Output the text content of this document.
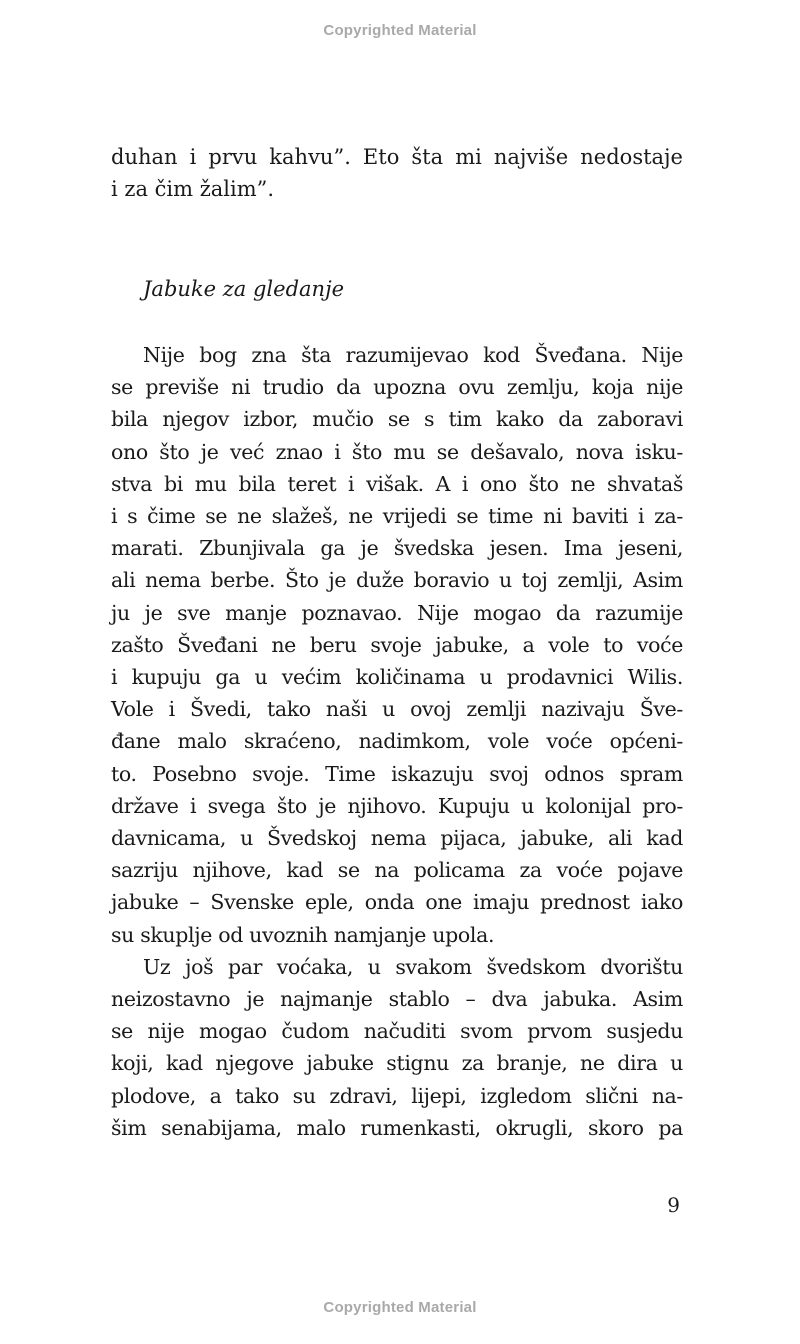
Copyrighted Material
duhan i prvu kahvu”. Eto šta mi najviše nedostaje
i za čim žalim”.
Jabuke za gledanje
Nije bog zna šta razumijevao kod Šveđana. Nije
se previše ni trudio da upozna ovu zemlju, koja nije
bila njegov izbor, mučio se s tim kako da zaboravi
ono što je već znao i što mu se dešavalo, nova isku-
stva bi mu bila teret i višak. A i ono što ne shvataš
i s čime se ne slažeš, ne vrijedi se time ni baviti i za-
marati. Zbunjivala ga je švedska jesen. Ima jeseni,
ali nema berbe. Što je duže boravio u toj zemlji, Asim
ju je sve manje poznavao. Nije mogao da razumije
zašto Šveđani ne beru svoje jabuke, a vole to voće
i kupuju ga u većim količinama u prodavnici Wilis.
Vole i Švedi, tako naši u ovoj zemlji nazivaju Šve-
đane malo skraćeno, nadimkom, vole voće općeni-
to. Posebno svoje. Time iskazuju svoj odnos spram
države i svega što je njihovo. Kupuju u kolonijal pro-
davnicama, u Švedskoj nema pijaca, jabuke, ali kad
sazriju njihove, kad se na policama za voće pojave
jabuke – Svenske eple, onda one imaju prednost iako
su skuplje od uvoznih namjanje upola.
Uz još par voćaka, u svakom švedskom dvorištu
neizostavno je najmanje stablo – dva jabuka. Asim
se nije mogao čudom načuditi svom prvom susjedu
koji, kad njegove jabuke stignu za branje, ne dira u
plodove, a tako su zdravi, lijepi, izgledom slični na-
šim senabijama, malo rumenkasti, okrugli, skoro pa
9
Copyrighted Material
